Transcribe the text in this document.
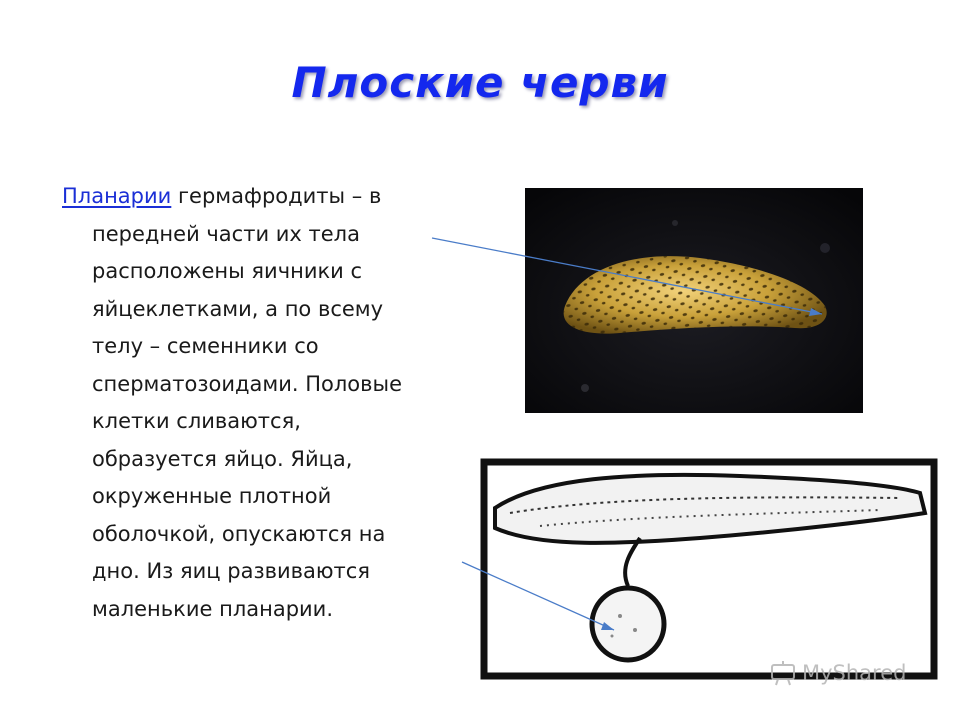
Плоские черви
Планарии гермафродиты – в
передней части их тела
расположены яичники с
яйцеклетками, а по всему
телу – семенники со
сперматозоидами. Половые
клетки сливаются,
образуется яйцо. Яйца,
окруженные плотной
оболочкой, опускаются на
дно. Из яиц развиваются
маленькие планарии.
MyShared
